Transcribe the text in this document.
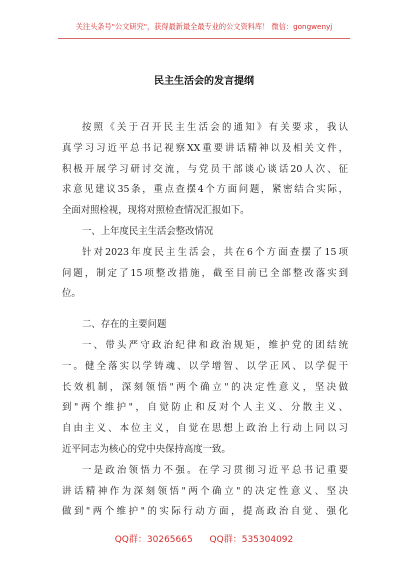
关注头条号"公文研究"，获得最新最全最专业的公文资料库！ 微信：gongwenyj
民主生活会的发言提纲
按照《关于召开民主生活会的通知》有关要求，我认
真学习习近平总书记视察XX重要讲话精神以及相关文件，
积极开展学习研讨交流，与党员干部谈心谈话20人次、征
求意见建议35条，重点查摆4个方面问题，紧密结合实际，
全面对照检视，现将对照检查情况汇报如下。
一、上年度民主生活会整改情况
针对2023年度民主生活会，共在6个方面查摆了15项
问题，制定了15项整改措施，截至目前已全部整改落实到
位。
二、存在的主要问题
一、带头严守政治纪律和政治规矩，维护党的团结统
一。健全落实以学铸魂、以学增智、以学正风、以学促干
长效机制，深刻领悟"两个确立"的决定性意义，坚决做
到"两个维护"，自觉防止和反对个人主义、分散主义、
自由主义、本位主义，自觉在思想上政治上行动上同以习
近平同志为核心的党中央保持高度一致。
一是政治领悟力不强。在学习贯彻习近平总书记重要
讲话精神作为深刻领悟"两个确立"的决定性意义、坚决
做到"两个维护"的实际行动方面，提高政治自觉、强化
QQ群：30265665 QQ群：535304092
